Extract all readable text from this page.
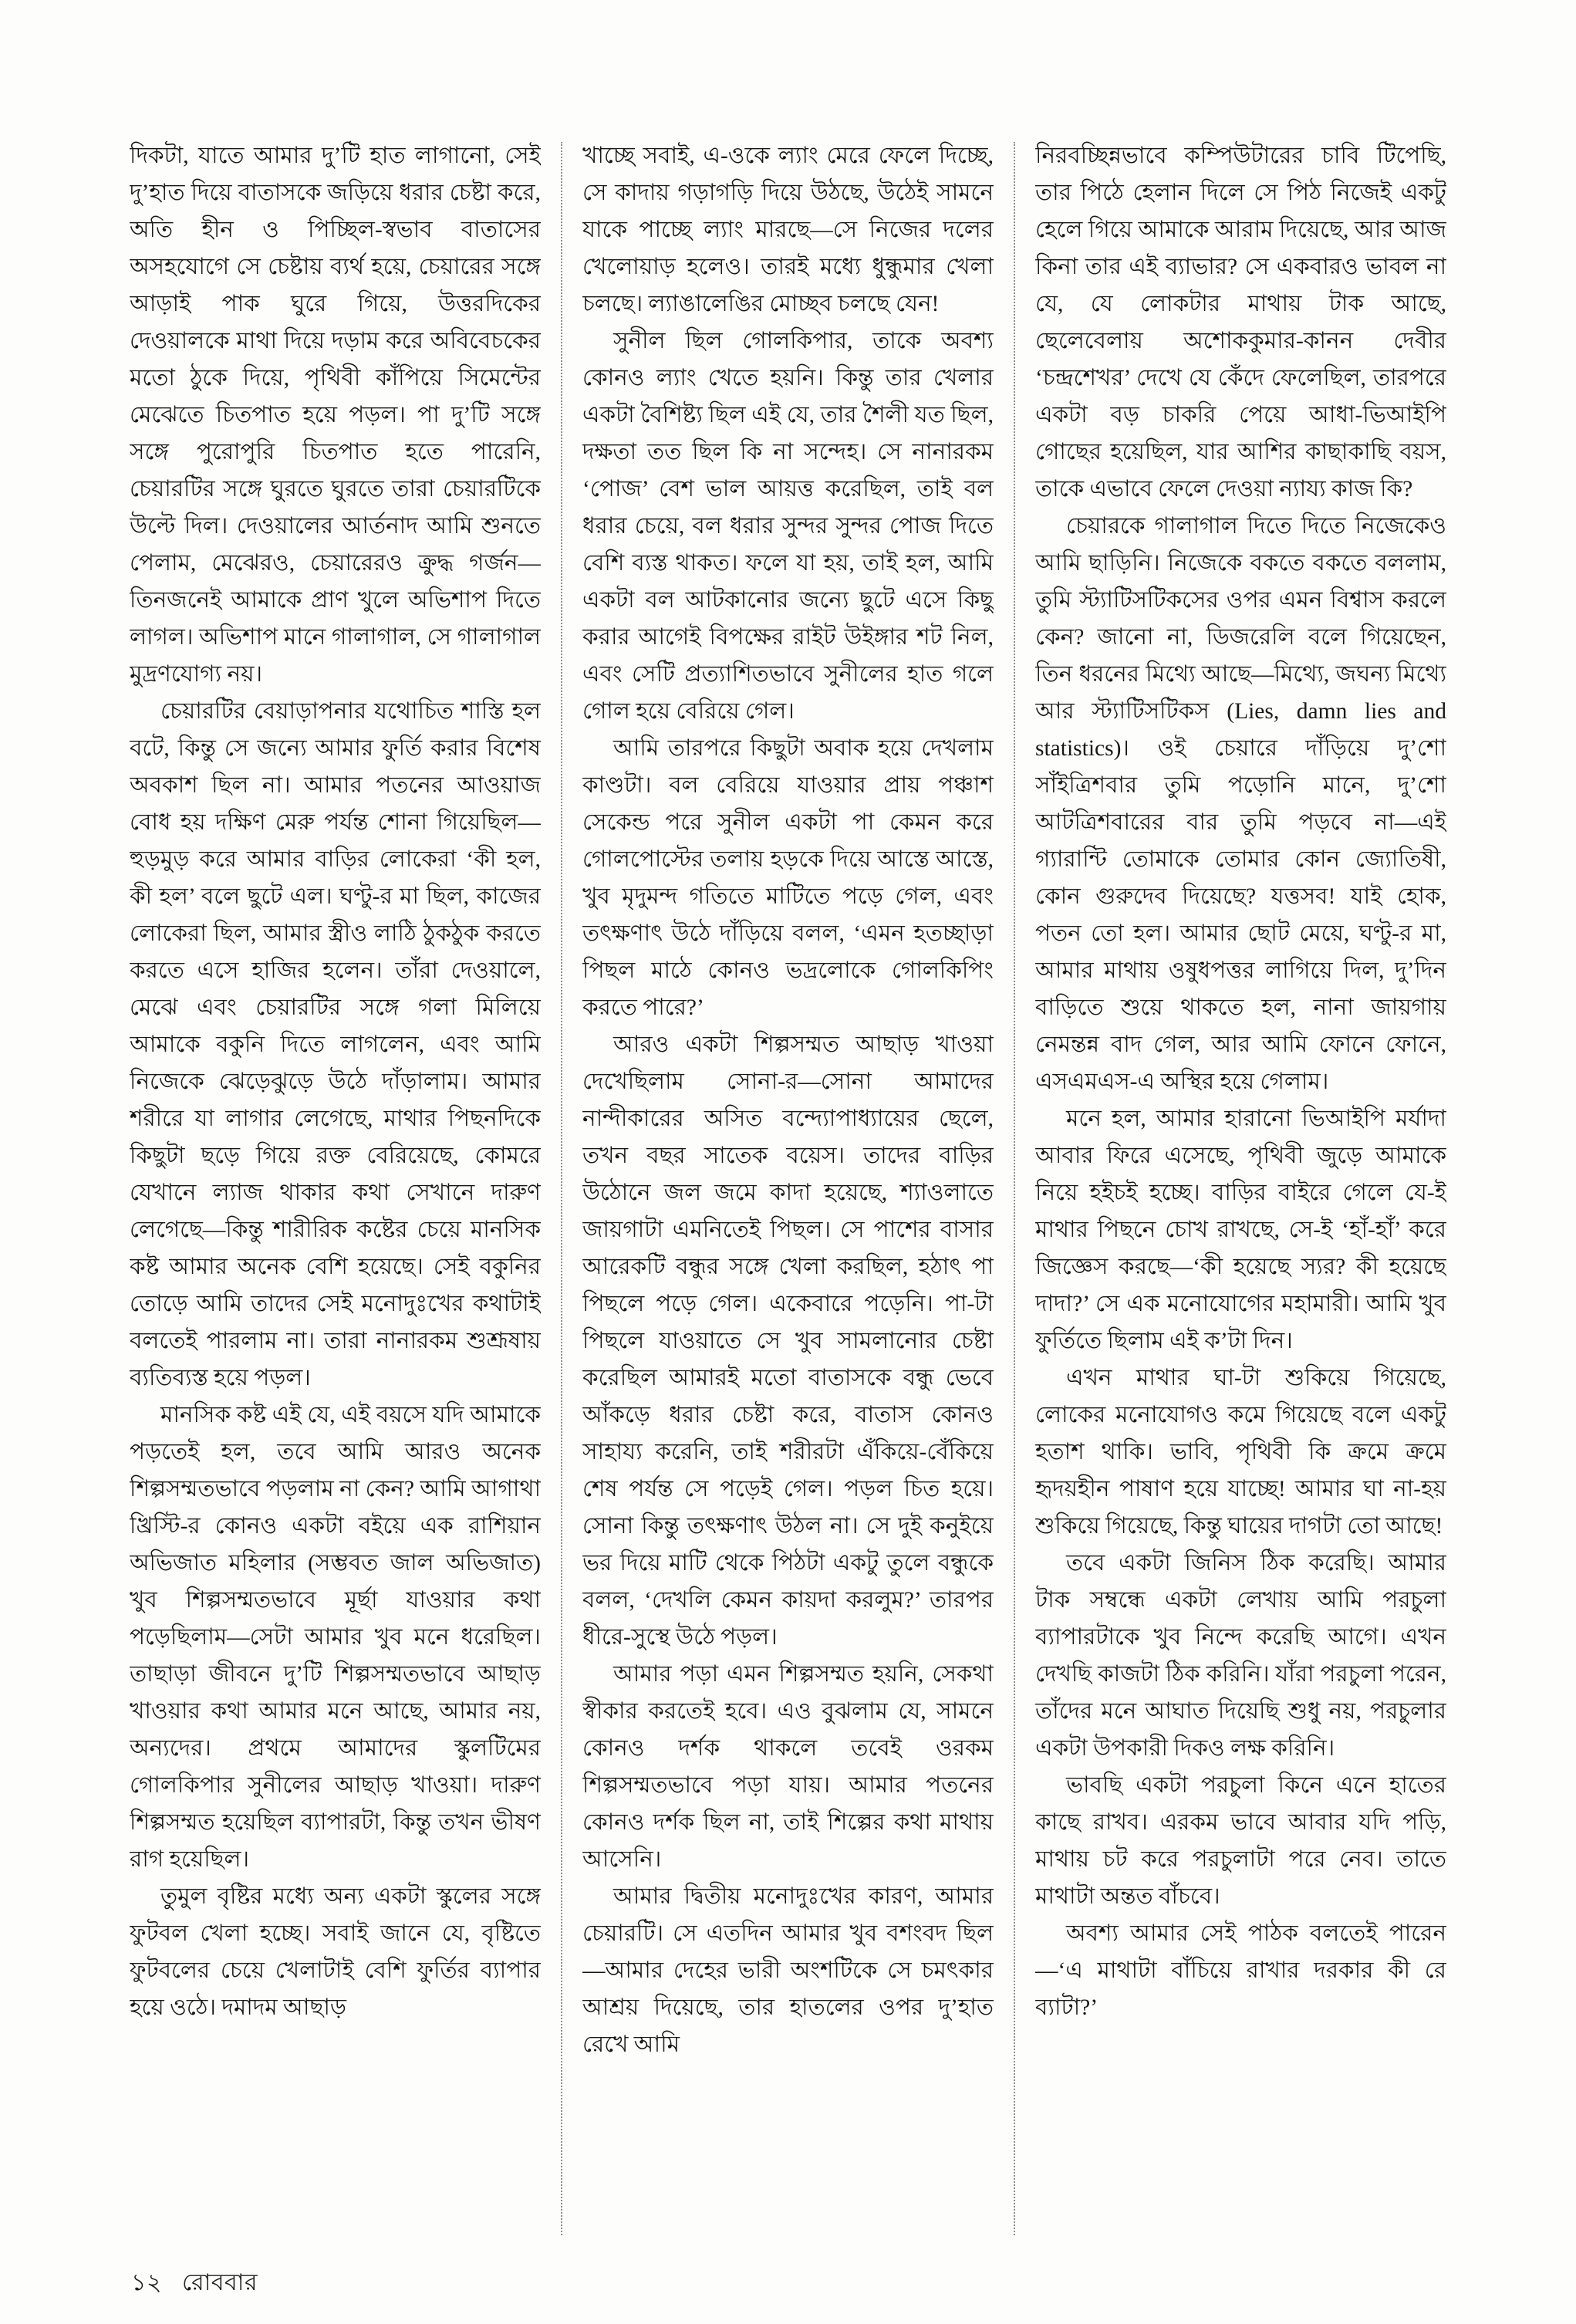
দিকটা, যাতে আমার দু’টি হাত লাগানো, সেই দু’হাত দিয়ে বাতাসকে জড়িয়ে ধরার চেষ্টা করে, অতি হীন ও পিচ্ছিল-স্বভাব বাতাসের অসহযোগে সে চেষ্টায় ব্যর্থ হয়ে, চেয়ারের সঙ্গে আড়াই পাক ঘুরে গিয়ে, উত্তরদিকের দেওয়ালকে মাথা দিয়ে দড়াম করে অবিবেচকের মতো ঠুকে দিয়ে, পৃথিবী কাঁপিয়ে সিমেন্টের মেঝেতে চিতপাত হয়ে পড়ল। পা দু’টি সঙ্গে সঙ্গে পুরোপুরি চিতপাত হতে পারেনি, চেয়ারটির সঙ্গে ঘুরতে ঘুরতে তারা চেয়ারটিকে উল্টে দিল। দেওয়ালের আর্তনাদ আমি শুনতে পেলাম, মেঝেরও, চেয়ারেরও ক্রুদ্ধ গর্জন—তিনজনেই আমাকে প্রাণ খুলে অভিশাপ দিতে লাগল। অভিশাপ মানে গালাগাল, সে গালাগাল মুদ্রণযোগ্য নয়।

চেয়ারটির বেয়াড়াপনার যথোচিত শাস্তি হল বটে, কিন্তু সে জন্যে আমার ফুর্তি করার বিশেষ অবকাশ ছিল না। আমার পতনের আওয়াজ বোধ হয় দক্ষিণ মেরু পর্যন্ত শোনা গিয়েছিল—হুড়মুড় করে আমার বাড়ির লোকেরা ‘কী হল, কী হল’ বলে ছুটে এল। ঘণ্টু-র মা ছিল, কাজের লোকেরা ছিল, আমার স্ত্রীও লাঠি ঠুকঠুক করতে করতে এসে হাজির হলেন। তাঁরা দেওয়ালে, মেঝে এবং চেয়ারটির সঙ্গে গলা মিলিয়ে আমাকে বকুনি দিতে লাগলেন, এবং আমি নিজেকে ঝেড়েঝুড়ে উঠে দাঁড়ালাম। আমার শরীরে যা লাগার লেগেছে, মাথার পিছনদিকে কিছুটা ছড়ে গিয়ে রক্ত বেরিয়েছে, কোমরে যেখানে ল্যাজ থাকার কথা সেখানে দারুণ লেগেছে—কিন্তু শারীরিক কষ্টের চেয়ে মানসিক কষ্ট আমার অনেক বেশি হয়েছে। সেই বকুনির তোড়ে আমি তাদের সেই মনোদুঃখের কথাটাই বলতেই পারলাম না। তারা নানারকম শুশ্রূষায় ব্যতিব্যস্ত হয়ে পড়ল।

মানসিক কষ্ট এই যে, এই বয়সে যদি আমাকে পড়তেই হল, তবে আমি আরও অনেক শিল্পসম্মতভাবে পড়লাম না কেন? আমি আগাথা খ্রিস্টি-র কোনও একটা বইয়ে এক রাশিয়ান অভিজাত মহিলার (সম্ভবত জাল অভিজাত) খুব শিল্পসম্মতভাবে মূর্ছা যাওয়ার কথা পড়েছিলাম—সেটা আমার খুব মনে ধরেছিল। তাছাড়া জীবনে দু’টি শিল্পসম্মতভাবে আছাড় খাওয়ার কথা আমার মনে আছে, আমার নয়, অন্যদের। প্রথমে আমাদের স্কুলটিমের গোলকিপার সুনীলের আছাড় খাওয়া। দারুণ শিল্পসম্মত হয়েছিল ব্যাপারটা, কিন্তু তখন ভীষণ রাগ হয়েছিল।

তুমুল বৃষ্টির মধ্যে অন্য একটা স্কুলের সঙ্গে ফুটবল খেলা হচ্ছে। সবাই জানে যে, বৃষ্টিতে ফুটবলের চেয়ে খেলাটাই বেশি ফুর্তির ব্যাপার হয়ে ওঠে। দমাদম আছাড়

খাচ্ছে সবাই, এ-ওকে ল্যাং মেরে ফেলে দিচ্ছে, সে কাদায় গড়াগড়ি দিয়ে উঠছে, উঠেই সামনে যাকে পাচ্ছে ল্যাং মারছে—সে নিজের দলের খেলোয়াড় হলেও। তারই মধ্যে ধুন্ধুমার খেলা চলছে। ল্যাঙালেঙির মোচ্ছব চলছে যেন!

সুনীল ছিল গোলকিপার, তাকে অবশ্য কোনও ল্যাং খেতে হয়নি। কিন্তু তার খেলার একটা বৈশিষ্ট্য ছিল এই যে, তার শৈলী যত ছিল, দক্ষতা তত ছিল কি না সন্দেহ। সে নানারকম ‘পোজ’ বেশ ভাল আয়ত্ত করেছিল, তাই বল ধরার চেয়ে, বল ধরার সুন্দর সুন্দর পোজ দিতে বেশি ব্যস্ত থাকত। ফলে যা হয়, তাই হল, আমি একটা বল আটকানোর জন্যে ছুটে এসে কিছু করার আগেই বিপক্ষের রাইট উইঙ্গার শট নিল, এবং সেটি প্রত্যাশিতভাবে সুনীলের হাত গলে গোল হয়ে বেরিয়ে গেল।

আমি তারপরে কিছুটা অবাক হয়ে দেখলাম কাণ্ডটা। বল বেরিয়ে যাওয়ার প্রায় পঞ্চাশ সেকেন্ড পরে সুনীল একটা পা কেমন করে গোলপোস্টের তলায় হড়কে দিয়ে আস্তে আস্তে, খুব মৃদুমন্দ গতিতে মাটিতে পড়ে গেল, এবং তৎক্ষণাৎ উঠে দাঁড়িয়ে বলল, ‘এমন হতচ্ছাড়া পিছল মাঠে কোনও ভদ্রলোকে গোলকিপিং করতে পারে?’

আরও একটা শিল্পসম্মত আছাড় খাওয়া দেখেছিলাম সোনা-র—সোনা আমাদের নান্দীকারের অসিত বন্দ্যোপাধ্যায়ের ছেলে, তখন বছর সাতেক বয়েস। তাদের বাড়ির উঠোনে জল জমে কাদা হয়েছে, শ্যাওলাতে জায়গাটা এমনিতেই পিছল। সে পাশের বাসার আরেকটি বন্ধুর সঙ্গে খেলা করছিল, হঠাৎ পা পিছলে পড়ে গেল। একেবারে পড়েনি। পা-টা পিছলে যাওয়াতে সে খুব সামলানোর চেষ্টা করেছিল আমারই মতো বাতাসকে বন্ধু ভেবে আঁকড়ে ধরার চেষ্টা করে, বাতাস কোনও সাহায্য করেনি, তাই শরীরটা এঁকিয়ে-বেঁকিয়ে শেষ পর্যন্ত সে পড়েই গেল। পড়ল চিত হয়ে। সোনা কিন্তু তৎক্ষণাৎ উঠল না। সে দুই কনুইয়ে ভর দিয়ে মাটি থেকে পিঠটা একটু তুলে বন্ধুকে বলল, ‘দেখলি কেমন কায়দা করলুম?’ তারপর ধীরে-সুস্থে উঠে পড়ল।

আমার পড়া এমন শিল্পসম্মত হয়নি, সেকথা স্বীকার করতেই হবে। এও বুঝলাম যে, সামনে কোনও দর্শক থাকলে তবেই ওরকম শিল্পসম্মতভাবে পড়া যায়। আমার পতনের কোনও দর্শক ছিল না, তাই শিল্পের কথা মাথায় আসেনি।

আমার দ্বিতীয় মনোদুঃখের কারণ, আমার চেয়ারটি। সে এতদিন আমার খুব বশংবদ ছিল—আমার দেহের ভারী অংশটিকে সে চমৎকার আশ্রয় দিয়েছে, তার হাতলের ওপর দু’হাত রেখে আমি

নিরবচ্ছিন্নভাবে কম্পিউটারের চাবি টিপেছি, তার পিঠে হেলান দিলে সে পিঠ নিজেই একটু হেলে গিয়ে আমাকে আরাম দিয়েছে, আর আজ কিনা তার এই ব্যাভার? সে একবারও ভাবল না যে, যে লোকটার মাথায় টাক আছে, ছেলেবেলায় অশোককুমার-কানন দেবীর ‘চন্দ্রশেখর’ দেখে যে কেঁদে ফেলেছিল, তারপরে একটা বড় চাকরি পেয়ে আধা-ভিআইপি গোছের হয়েছিল, যার আশির কাছাকাছি বয়স, তাকে এভাবে ফেলে দেওয়া ন্যায্য কাজ কি?

চেয়ারকে গালাগাল দিতে দিতে নিজেকেও আমি ছাড়িনি। নিজেকে বকতে বকতে বললাম, তুমি স্ট্যাটিসটিকসের ওপর এমন বিশ্বাস করলে কেন? জানো না, ডিজরেলি বলে গিয়েছেন, তিন ধরনের মিথ্যে আছে—মিথ্যে, জঘন্য মিথ্যে আর স্ট্যাটিসটিকস (Lies, damn lies and statistics)। ওই চেয়ারে দাঁড়িয়ে দু’শো সাঁইত্রিশবার তুমি পড়োনি মানে, দু’শো আটত্রিশবারের বার তুমি পড়বে না—এই গ্যারান্টি তোমাকে তোমার কোন জ্যোতিষী, কোন গুরুদেব দিয়েছে? যত্তসব! যাই হোক, পতন তো হল। আমার ছোট মেয়ে, ঘণ্টু-র মা, আমার মাথায় ওষুধপত্তর লাগিয়ে দিল, দু’দিন বাড়িতে শুয়ে থাকতে হল, নানা জায়গায় নেমন্তন্ন বাদ গেল, আর আমি ফোনে ফোনে, এসএমএস-এ অস্থির হয়ে গেলাম।

মনে হল, আমার হারানো ভিআইপি মর্যাদা আবার ফিরে এসেছে, পৃথিবী জুড়ে আমাকে নিয়ে হইচই হচ্ছে। বাড়ির বাইরে গেলে যে-ই মাথার পিছনে চোখ রাখছে, সে-ই ‘হাঁ-হাঁ’ করে জিজ্ঞেস করছে—‘কী হয়েছে স্যর? কী হয়েছে দাদা?’ সে এক মনোযোগের মহামারী। আমি খুব ফুর্তিতে ছিলাম এই ক’টা দিন।

এখন মাথার ঘা-টা শুকিয়ে গিয়েছে, লোকের মনোযোগও কমে গিয়েছে বলে একটু হতাশ থাকি। ভাবি, পৃথিবী কি ক্রমে ক্রমে হৃদয়হীন পাষাণ হয়ে যাচ্ছে! আমার ঘা না-হয় শুকিয়ে গিয়েছে, কিন্তু ঘায়ের দাগটা তো আছে!

তবে একটা জিনিস ঠিক করেছি। আমার টাক সম্বন্ধে একটা লেখায় আমি পরচুলা ব্যাপারটাকে খুব নিন্দে করেছি আগে। এখন দেখছি কাজটা ঠিক করিনি। যাঁরা পরচুলা পরেন, তাঁদের মনে আঘাত দিয়েছি শুধু নয়, পরচুলার একটা উপকারী দিকও লক্ষ করিনি।

ভাবছি একটা পরচুলা কিনে এনে হাতের কাছে রাখব। এরকম ভাবে আবার যদি পড়ি, মাথায় চট করে পরচুলাটা পরে নেব। তাতে মাথাটা অন্তত বাঁচবে।

অবশ্য আমার সেই পাঠক বলতেই পারেন—‘এ মাথাটা বাঁচিয়ে রাখার দরকার কী রে ব্যাটা?’

১২ রোববার
